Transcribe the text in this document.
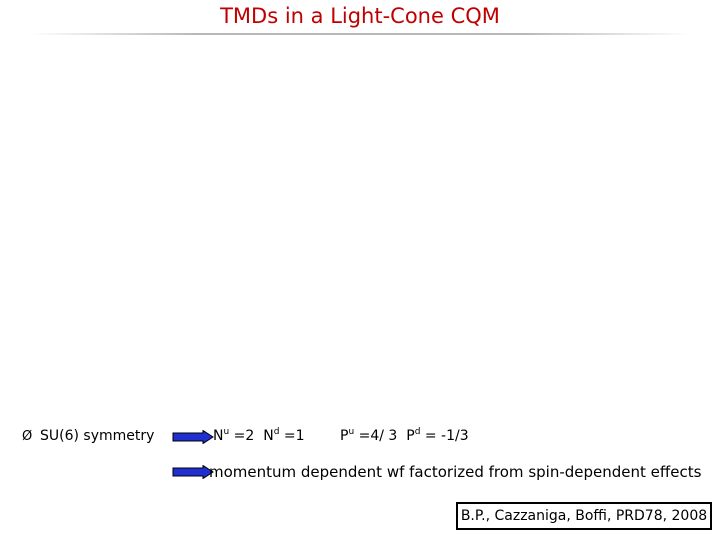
TMDs in a Light-Cone CQM
Ø SU(6) symmetry	$N^u =2$ $N^d =1$	$P^u =4/$ 3 $P^d = -1/3$
momentum dependent wf factorized from spin-dependent effects
B.P., Cazzaniga, Boffi, PRD78, 2008
